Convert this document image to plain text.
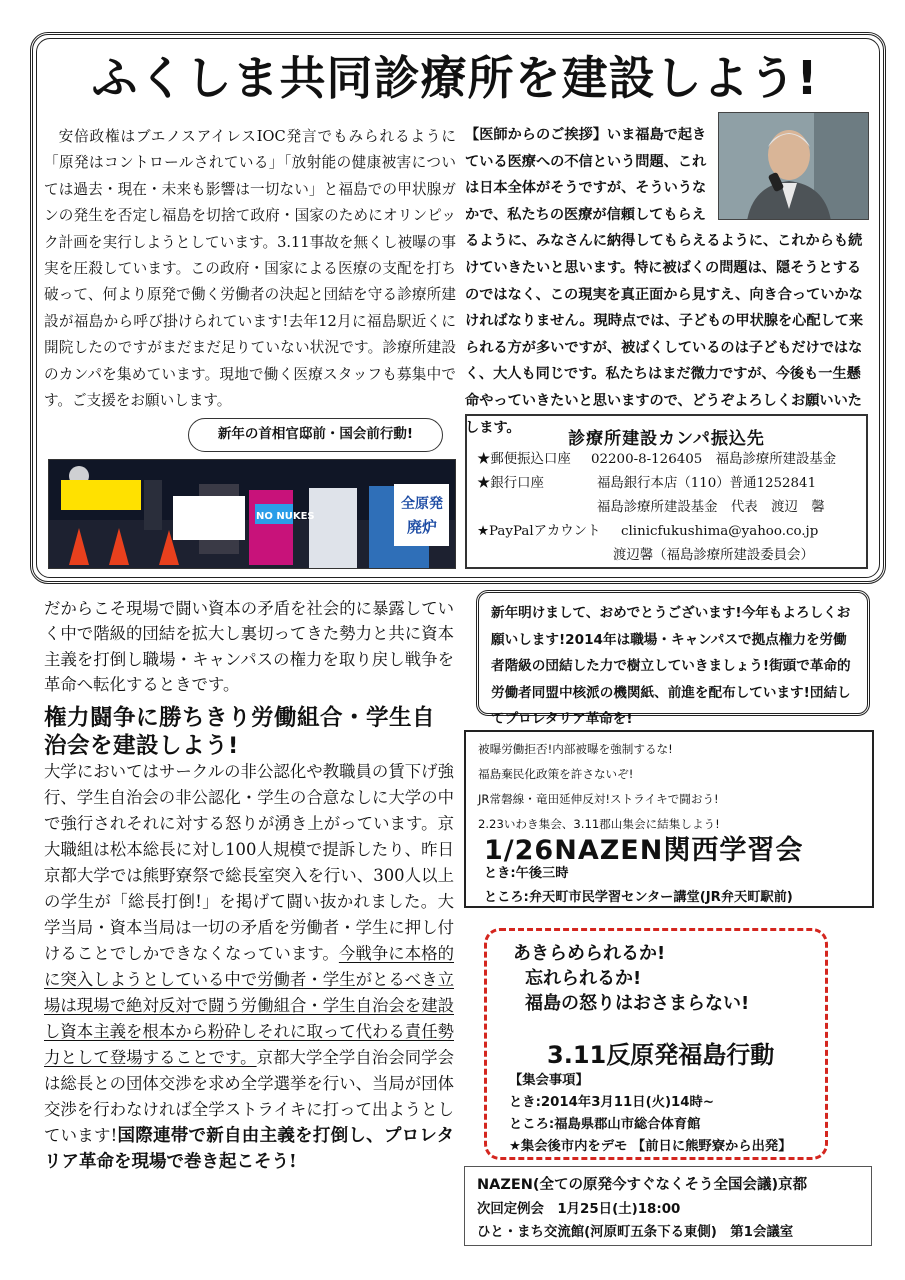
ふくしま共同診療所を建設しよう!

安倍政権はブエノスアイレスIOC発言でもみられるように「原発はコントロールされている」「放射能の健康被害については過去・現在・未来も影響は一切ない」と福島での甲状腺ガンの発生を否定し福島を切捨て政府・国家のためにオリンピック計画を実行しようとしています。3.11事故を無くし被曝の事実を圧殺しています。この政府・国家による医療の支配を打ち破って、何より原発で働く労働者の決起と団結を守る診療所建設が福島から呼び掛けられています!去年12月に福島駅近くに開院したのですがまだまだ足りていない状況です。診療所建設のカンパを集めています。現地で働く医療スタッフも募集中です。ご支援をお願いします。

【医師からのご挨拶】いま福島で起きている医療への不信という問題、これは日本全体がそうですが、そういうなかで、私たちの医療が信頼してもらえるように、みなさんに納得してもらえるように、これからも続けていきたいと思います。特に被ばくの問題は、隠そうとするのではなく、この現実を真正面から見すえ、向き合っていかなければなりません。現時点では、子どもの甲状腺を心配して来られる方が多いですが、被ばくしているのは子どもだけではなく、大人も同じです。私たちはまだ微力ですが、今後も一生懸命やっていきたいと思いますので、どうぞよろしくお願いいたします。
新年の首相官邸前・国会前行動!
全原発
廃炉
NO NUKES
診療所建設カンパ振込先
★郵便振込口座 02200-8-126405　福島診療所建設基金
★銀行口座	福島銀行本店（110）普通1252841
福島診療所建設基金　代表　渡辺　馨
★PayPalアカウント clinicfukushima@yahoo.co.jp
渡辺馨（福島診療所建設委員会）
だからこそ現場で闘い資本の矛盾を社会的に暴露していく中で階級的団結を拡大し裏切ってきた勢力と共に資本主義を打倒し職場・キャンパスの権力を取り戻し戦争を革命へ転化するときです。
権力闘争に勝ちきり労働組合・学生自治会を建設しよう!
大学においてはサークルの非公認化や教職員の賃下げ強行、学生自治会の非公認化・学生の合意なしに大学の中で強行されそれに対する怒りが湧き上がっています。京大職組は松本総長に対し100人規模で提訴したり、昨日京都大学では熊野寮祭で総長室突入を行い、300人以上の学生が「総長打倒!」を掲げて闘い抜かれました。大学当局・資本当局は一切の矛盾を労働者・学生に押し付けることでしかできなくなっています。今戦争に本格的に突入しようとしている中で労働者・学生がとるべき立場は現場で絶対反対で闘う労働組合・学生自治会を建設し資本主義を根本から粉砕しそれに取って代わる責任勢力として登場することです。京都大学全学自治会同学会は総長との団体交渉を求め全学選挙を行い、当局が団体交渉を行わなければ全学ストライキに打って出ようとしています!国際連帯で新自由主義を打倒し、プロレタリア革命を現場で巻き起こそう!
新年明けまして、おめでとうございます!今年もよろしくお願いします!2014年は職場・キャンパスで拠点権力を労働者階級の団結した力で樹立していきましょう!街頭で革命的労働者同盟中核派の機関紙、前進を配布しています!団結してプロレタリア革命を!
被曝労働拒否!内部被曝を強制するな!
福島棄民化政策を許さないぞ!
JR常磐線・竜田延伸反対!ストライキで闘おう!
2.23いわき集会、3.11郡山集会に結集しよう!
1/26NAZEN関西学習会
とき:午後三時
ところ:弁天町市民学習センター講堂(JR弁天町駅前)
あきらめられるか!
忘れられるか!
福島の怒りはおさまらない!
3.11反原発福島行動
【集会事項】
とき:2014年3月11日(火)14時~
ところ:福島県郡山市総合体育館
★集会後市内をデモ 【前日に熊野寮から出発】
NAZEN(全ての原発今すぐなくそう全国会議)京都
次回定例会　1月25日(土)18:00
ひと・まち交流館(河原町五条下る東側)　第1会議室
